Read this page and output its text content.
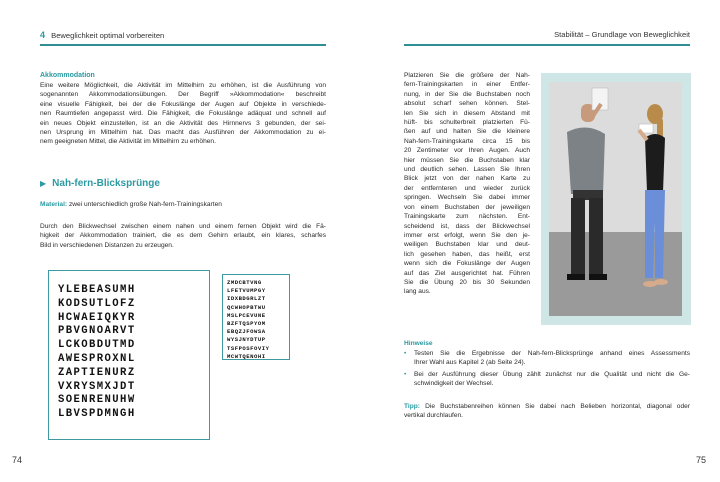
4 Beweglichkeit optimal vorbereiten
Akkommodation
Eine weitere Möglichkeit, die Aktivität im Mittelhirn zu erhöhen, ist die Ausführung von
sogenannten Akkommodationsübungen. Der Begriff »Akkommodation« beschreibt
eine visuelle Fähigkeit, bei der die Fokuslänge der Augen auf Objekte in verschiede-
nen Raumtiefen angepasst wird. Die Fähigkeit, die Fokuslänge adäquat und schnell auf
ein neues Objekt einzustellen, ist an die Aktivität des Hirnnervs 3 gebunden, der sei-
nen Ursprung im Mittelhirn hat. Das macht das Ausführen der Akkommodation zu ei-
nem geeigneten Mittel, die Aktivität im Mittelhirn zu erhöhen.
▶ Nah-fern-Blicksprünge
Material: zwei unterschiedlich große Nah-fern-Trainingskarten
Durch den Blickwechsel zwischen einem nahen und einem fernen Objekt wird die Fä-
higkeit der Akkommodation trainiert, die es dem Gehirn erlaubt, ein klares, scharfes
Bild in verschiedenen Distanzen zu erzeugen.
YLEBEASUMH
KODSUTLOFZ
HCWAEIQKYR
PBVGNOARVT
LCKOBDUTMD
AWESPROXNL
ZAPTIENURZ
VXRYSMXJDT
SOENRENUHW
LBVSPDMNGH
ZMDCBTVNG
LFETVUMPGY
IDXBDGRLZT
QCWHOPBTWU
MSLPCEVUNE
BZFTQSPYOM
EBQZJFOWSA
WYSJNYDTUP
TSFPOSFOVIY
MCWTQENOHI
74
Stabilität – Grundlage von Beweglichkeit
Platzieren Sie die größere der Nah-
fern-Trainingskarten in einer Entfer-
nung, in der Sie die Buchstaben noch
absolut scharf sehen können. Stel-
len Sie sich in diesem Abstand mit
hüft- bis schulterbreit platzierten Fü-
ßen auf und halten Sie die kleinere
Nah-fern-Trainingskarte circa 15 bis
20 Zentimeter vor Ihren Augen. Auch
hier müssen Sie die Buchstaben klar
und deutlich sehen. Lassen Sie Ihren
Blick jetzt von der nahen Karte zu
der entfernteren und wieder zurück
springen. Wechseln Sie dabei immer
von einem Buchstaben der jeweiligen
Trainingskarte zum nächsten. Ent-
scheidend ist, dass der Blickwechsel
immer erst erfolgt, wenn Sie den je-
weiligen Buchstaben klar und deut-
lich gesehen haben, das heißt, erst
wenn sich die Fokuslänge der Augen
auf das Ziel ausgerichtet hat. Führen
Sie die Übung 20 bis 30 Sekunden
lang aus.
Hinweise
• Testen Sie die Ergebnisse der Nah-fern-Blicksprünge anhand eines Assessments
Ihrer Wahl aus Kapitel 2 (ab Seite 24).
• Bei der Ausführung dieser Übung zählt zunächst nur die Qualität und nicht die Ge-
schwindigkeit der Wechsel.
Tipp: Die Buchstabenreihen können Sie dabei nach Belieben horizontal, diagonal oder
vertikal durchlaufen.
75
